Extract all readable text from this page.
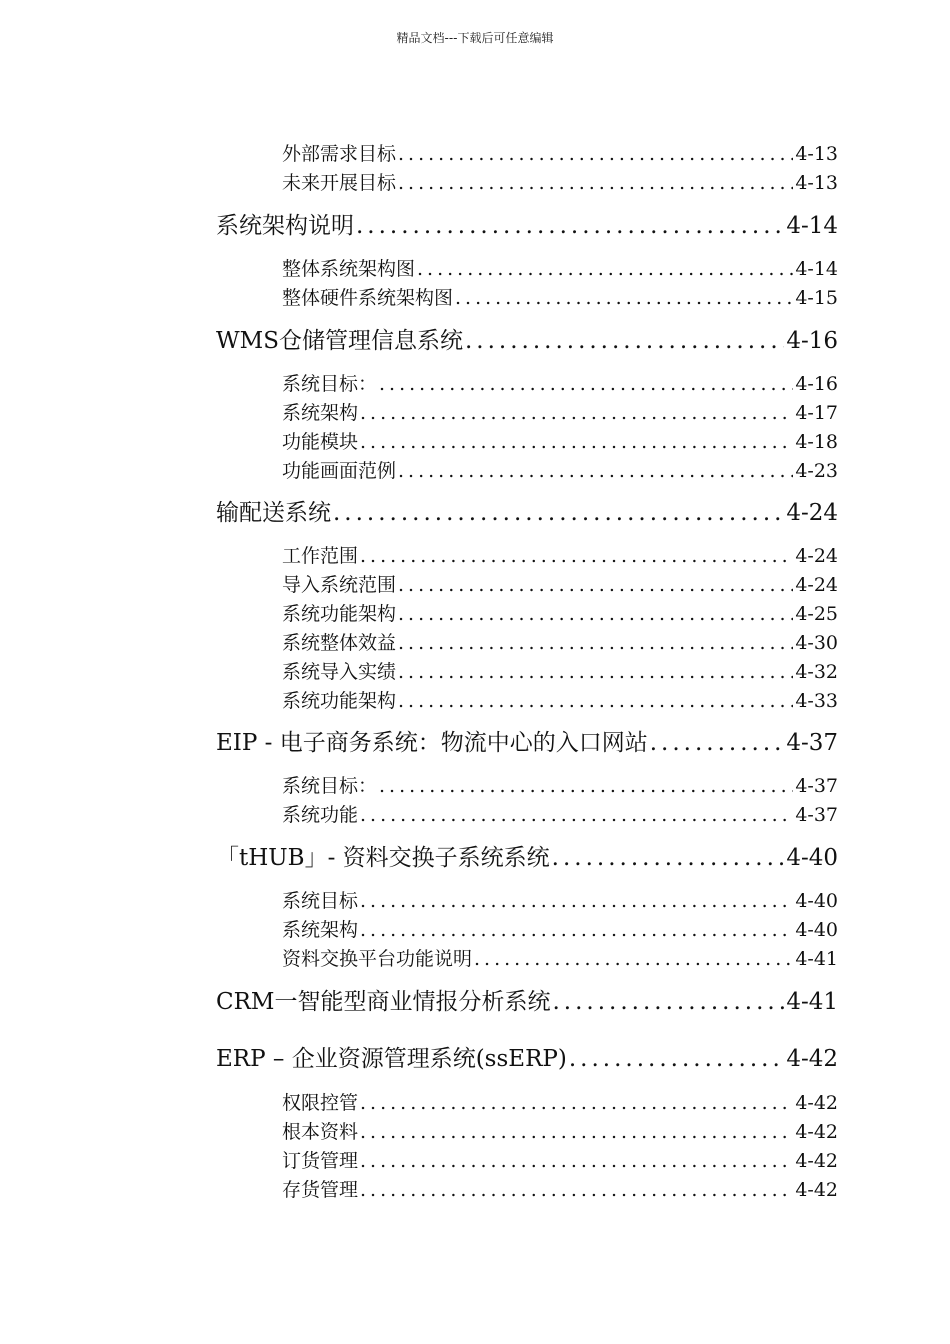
精品文档---下载后可任意编辑
外部需求目标 .....	4-13
未来开展目标 .....	4-13
系统架构说明 .....	4-14
整体系统架构图 .....	4-14
整体硬件系统架构图 .....	4-15
WMS仓储管理信息系统 .....	4-16
系统目标： .....	4-16
系统架构 .....	4-17
功能模块 .....	4-18
功能画面范例 .....	4-23
输配送系统 .....	4-24
工作范围 .....	4-24
导入系统范围 .....	4-24
系统功能架构 .....	4-25
系统整体效益 .....	4-30
系统导入实绩 .....	4-32
系统功能架构 .....	4-33
EIP - 电子商务系统：物流中心的入口网站 .....	4-37
系统目标： .....	4-37
系统功能 .....	4-37
「tHUB」- 资料交换子系统系统 .....	4-40
系统目标 .....	4-40
系统架构 .....	4-40
资料交换平台功能说明 .....	4-41
CRM一智能型商业情报分析系统 .....	4-41
ERP – 企业资源管理系统(ssERP) .....	4-42
权限控管 .....	4-42
根本资料 .....	4-42
订货管理 .....	4-42
存货管理 .....	4-42
